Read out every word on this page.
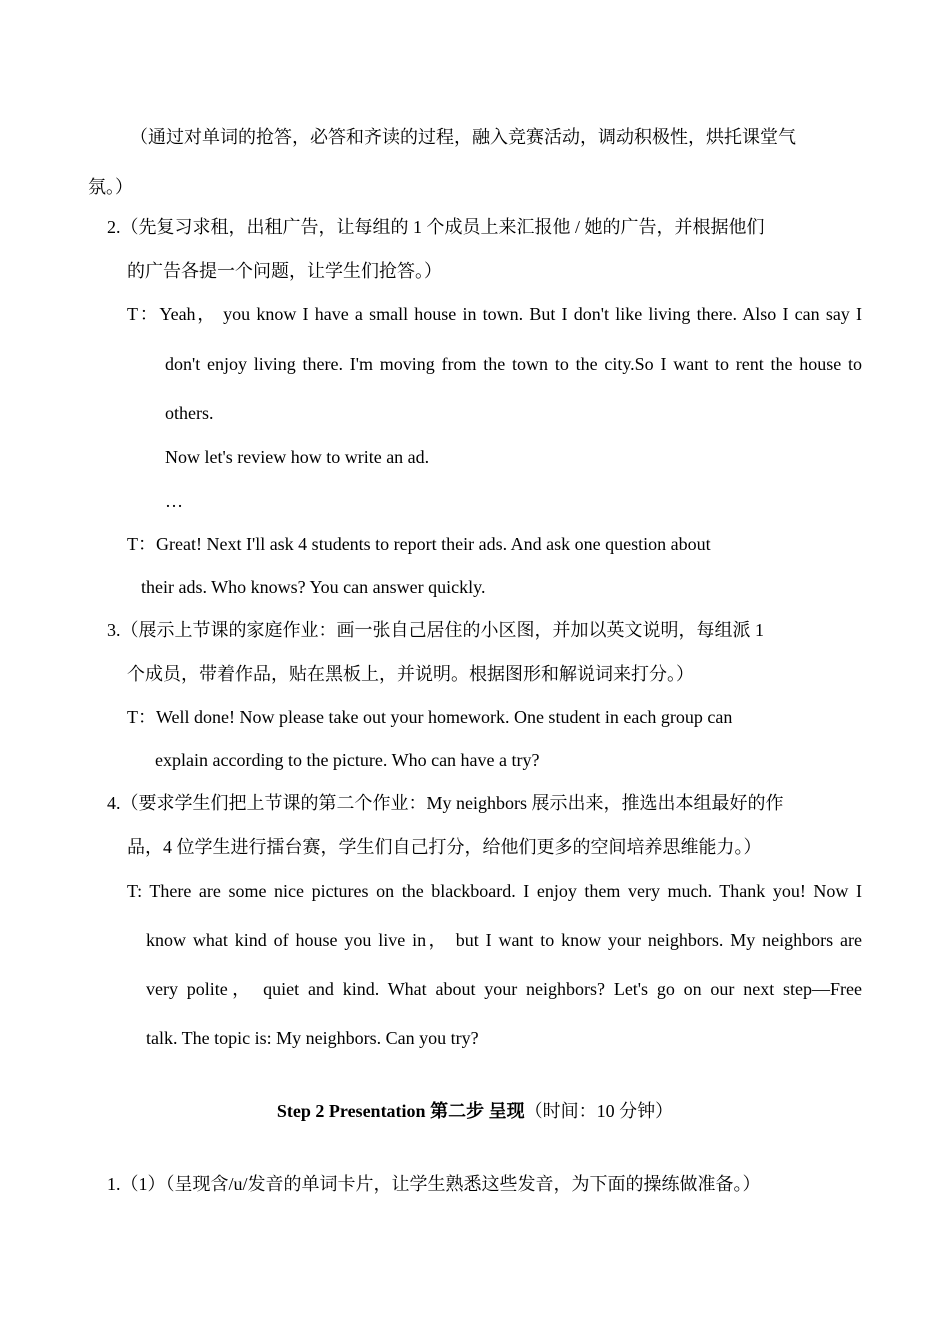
（通过对单词的抢答，必答和齐读的过程，融入竞赛活动，调动积极性，烘托课堂气
氛。）
2.（先复习求租，出租广告，让每组的 1 个成员上来汇报他 / 她的广告，并根据他们
的广告各提一个问题，让学生们抢答。）
T：Yeah， you know I have a small house in town. But I don't like living there. Also I can say I
don't enjoy living there. I'm moving from the town to the city.So I want to rent the house to
others.
Now let's review how to write an ad.
…
T：Great! Next I'll ask 4 students to report their ads. And ask one question about
their ads. Who knows? You can answer quickly.
3.（展示上节课的家庭作业：画一张自己居住的小区图，并加以英文说明，每组派 1
个成员，带着作品，贴在黑板上，并说明。根据图形和解说词来打分。）
T：Well done! Now please take out your homework. One student in each group can
explain according to the picture. Who can have a try?
4.（要求学生们把上节课的第二个作业：My neighbors 展示出来，推选出本组最好的作
品，4 位学生进行擂台赛，学生们自己打分，给他们更多的空间培养思维能力。）
T: There are some nice pictures on the blackboard. I enjoy them very much. Thank you! Now I
know what kind of house you live in， but I want to know your neighbors. My neighbors are
very polite， quiet and kind. What about your neighbors? Let's go on our next step—Free
talk. The topic is: My neighbors. Can you try?
Step 2 Presentation 第二步 呈现（时间：10 分钟）
1.（1）（呈现含/u/发音的单词卡片，让学生熟悉这些发音，为下面的操练做准备。）
